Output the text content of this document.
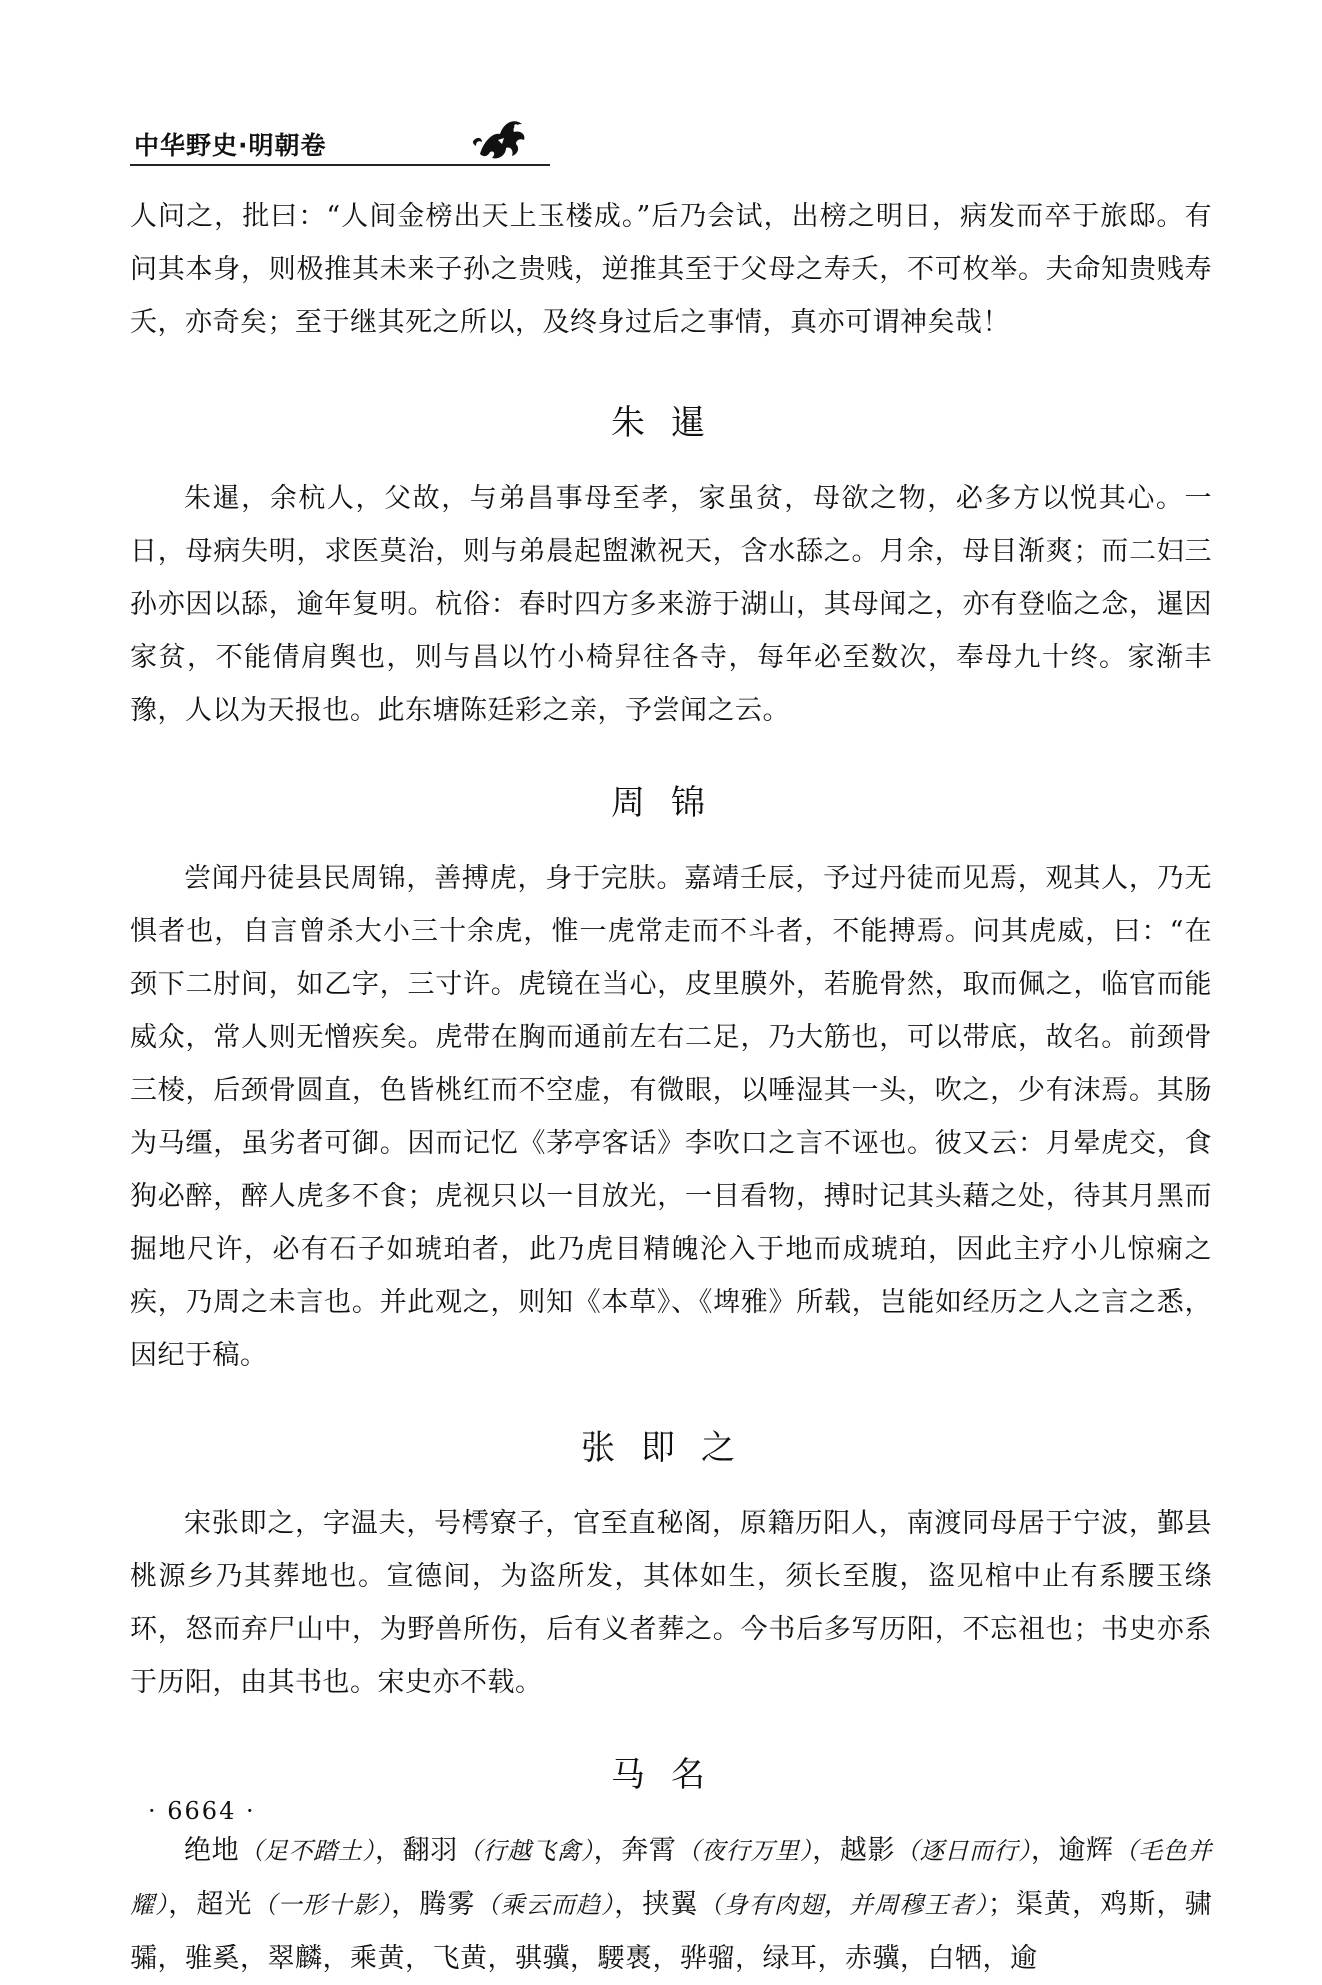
中华野史·明朝卷

人问之，批曰：“人间金榜出天上玉楼成。”后乃会试，出榜之明日，病发而卒于旅邸。有问其本身，则极推其未来子孙之贵贱，逆推其至于父母之寿夭，不可枚举。夫命知贵贱寿夭，亦奇矣；至于继其死之所以，及终身过后之事情，真亦可谓神矣哉！

朱暹

朱暹，余杭人，父故，与弟昌事母至孝，家虽贫，母欲之物，必多方以悦其心。一日，母病失明，求医莫治，则与弟晨起盥漱祝天，含水舔之。月余，母目渐爽；而二妇三孙亦因以舔，逾年复明。杭俗：春时四方多来游于湖山，其母闻之，亦有登临之念，暹因家贫，不能倩肩舆也，则与昌以竹小椅舁往各寺，每年必至数次，奉母九十终。家渐丰豫，人以为天报也。此东塘陈廷彩之亲，予尝闻之云。

周锦

尝闻丹徒县民周锦，善搏虎，身于完肤。嘉靖壬辰，予过丹徒而见焉，观其人，乃无惧者也，自言曾杀大小三十余虎，惟一虎常走而不斗者，不能搏焉。问其虎威，曰：“在颈下二肘间，如乙字，三寸许。虎镜在当心，皮里膜外，若脆骨然，取而佩之，临官而能威众，常人则无憎疾矣。虎带在胸而通前左右二足，乃大筋也，可以带底，故名。前颈骨三棱，后颈骨圆直，色皆桃红而不空虚，有微眼，以唾湿其一头，吹之，少有沫焉。其肠为马缰，虽劣者可御。因而记忆《茅亭客话》李吹口之言不诬也。彼又云：月晕虎交，食狗必醉，醉人虎多不食；虎视只以一目放光，一目看物，搏时记其头藉之处，待其月黑而掘地尺许，必有石子如琥珀者，此乃虎目精魄沦入于地而成琥珀，因此主疗小儿惊痫之疾，乃周之未言也。并此观之，则知《本草》、《埤雅》所载，岂能如经历之人之言之悉，因纪于稿。

张即之

宋张即之，字温夫，号樗寮子，官至直秘阁，原籍历阳人，南渡同母居于宁波，鄞县桃源乡乃其葬地也。宣德间，为盗所发，其体如生，须长至腹，盗见棺中止有系腰玉绦环，怒而弃尸山中，为野兽所伤，后有义者葬之。今书后多写历阳，不忘祖也；书史亦系于历阳，由其书也。宋史亦不载。

马名

绝地（足不踏土），翻羽（行越飞禽），奔霄（夜行万里），越影（逐日而行），逾辉（毛色并耀），超光（一形十影），腾雾（乘云而趋），挟翼（身有肉翅，并周穆王者）；渠黄，鸡斯，骕骦，骓奚，翠麟，乘黄，飞黄，骐骥，騕褭，骅骝，绿耳，赤骥，白牺，逾

· 6664 ·
